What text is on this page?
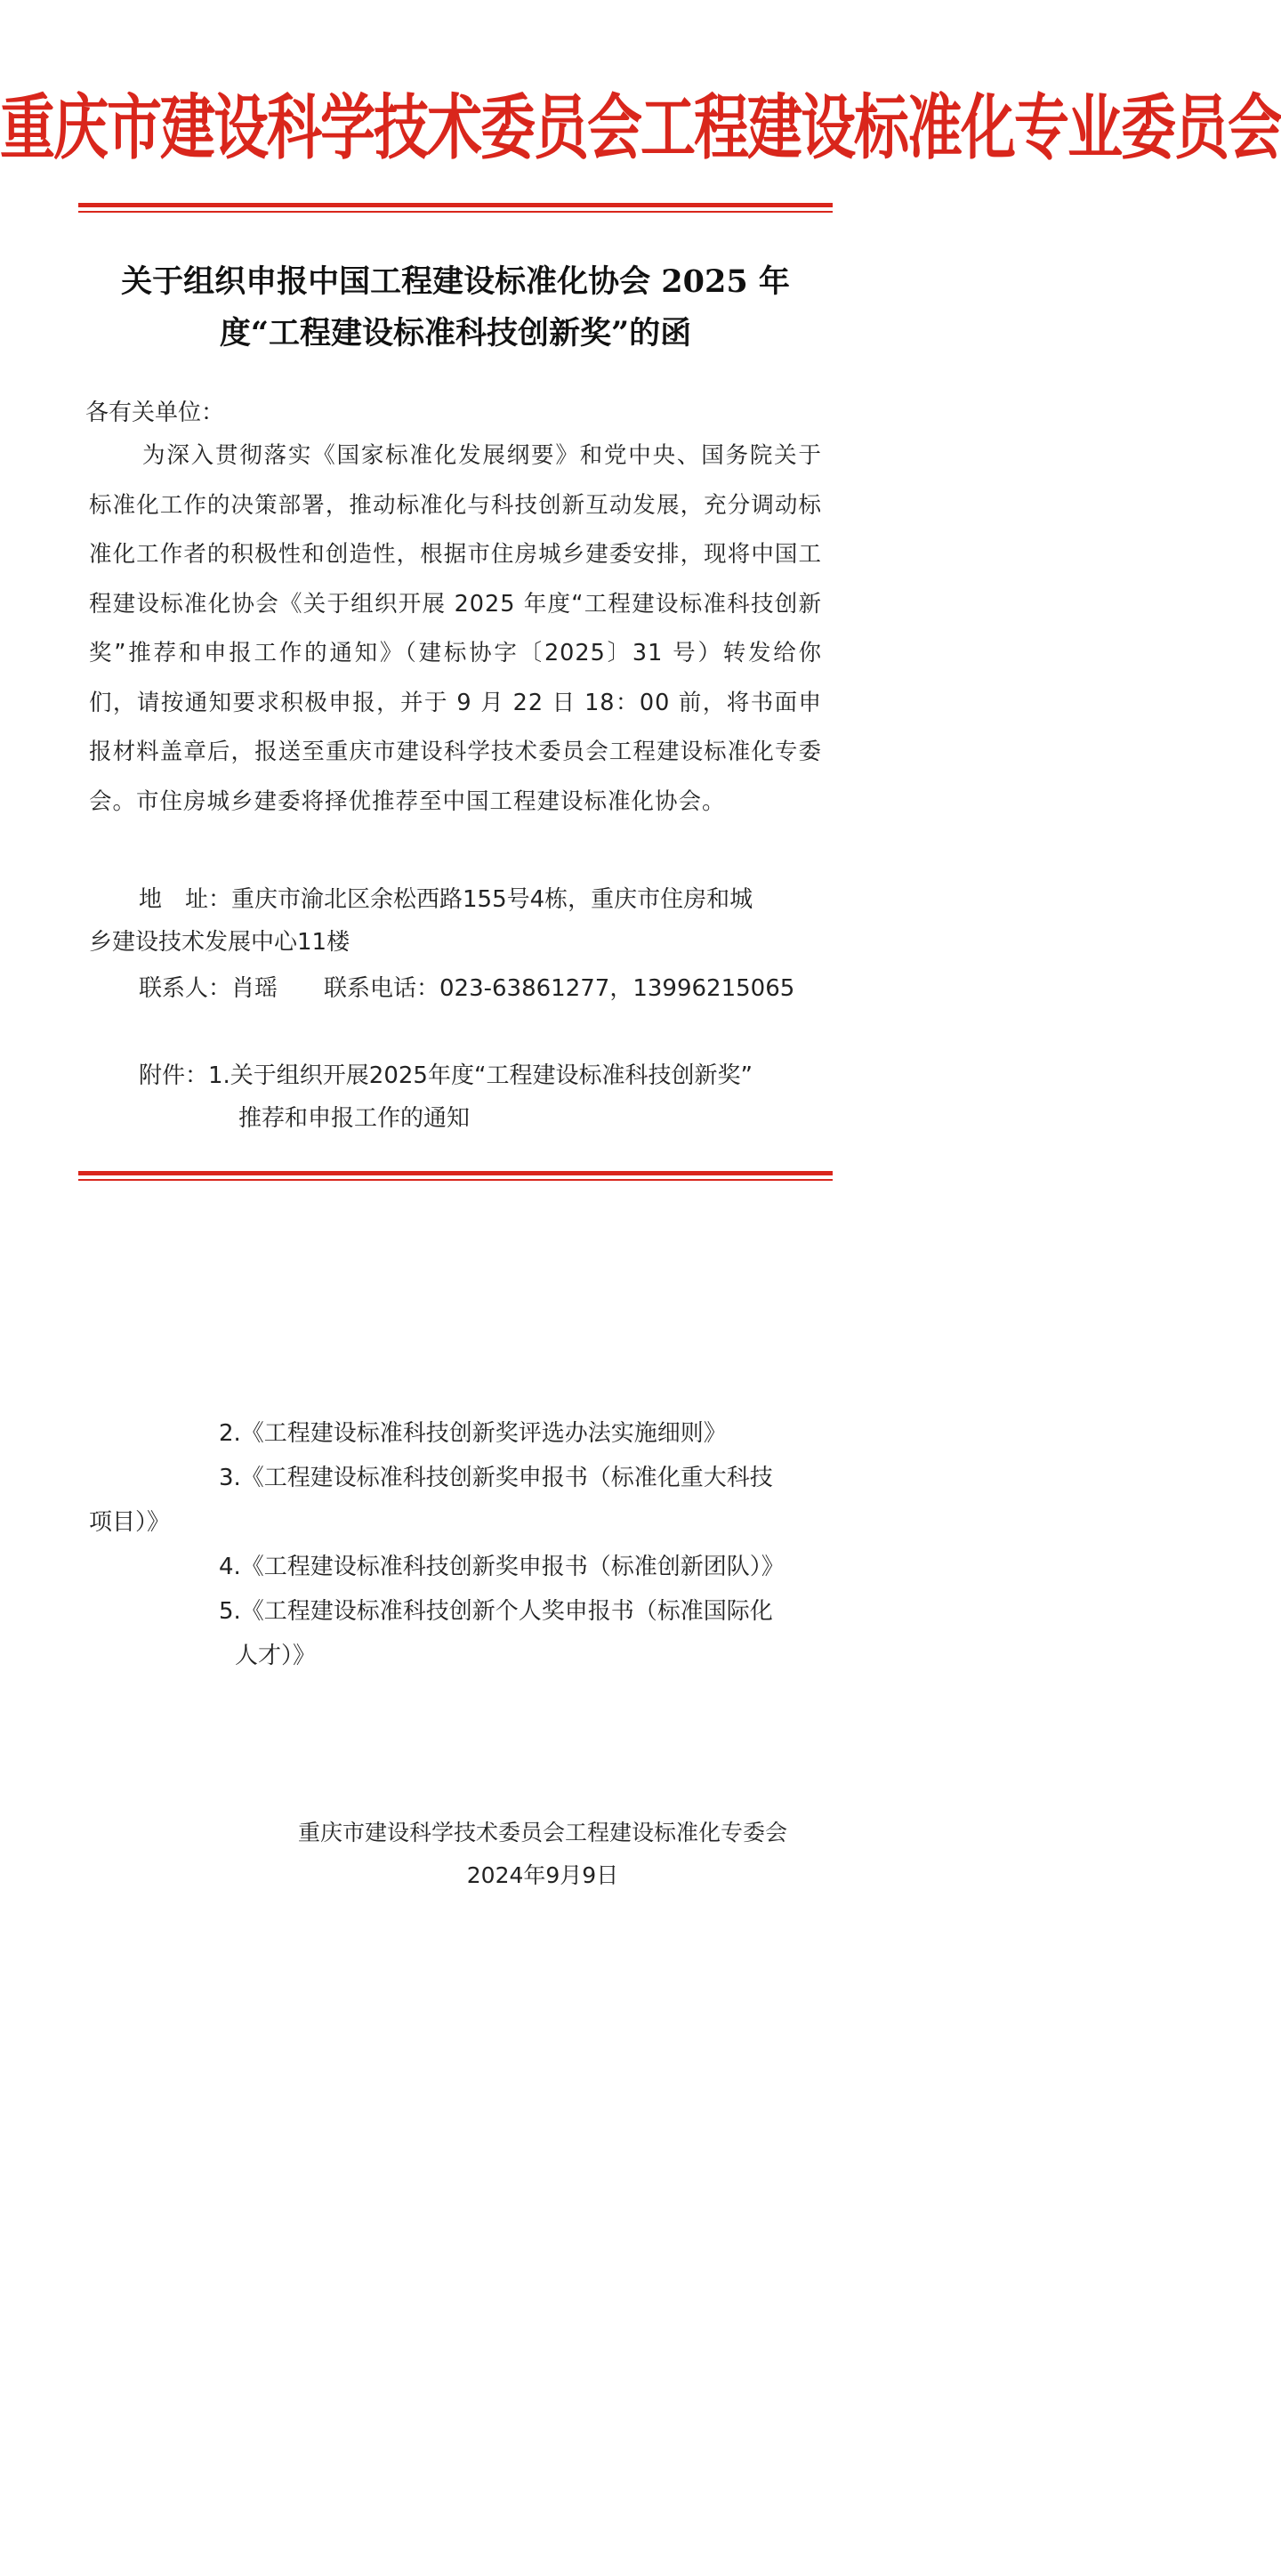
重庆市建设科学技术委员会工程建设标准化专业委员会
关于组织申报中国工程建设标准化协会 2025 年
度“工程建设标准科技创新奖”的函
各有关单位：
为深入贯彻落实《国家标准化发展纲要》和党中央、国务院关于标准化工作的决策部署，推动标准化与科技创新互动发展，充分调动标准化工作者的积极性和创造性，根据市住房城乡建委安排，现将中国工程建设标准化协会《关于组织开展 2025 年度“工程建设标准科技创新奖”推荐和申报工作的通知》（建标协字〔2025〕31 号）转发给你们，请按通知要求积极申报，并于 9 月 22 日 18：00 前，将书面申报材料盖章后，报送至重庆市建设科学技术委员会工程建设标准化专委会。市住房城乡建委将择优推荐至中国工程建设标准化协会。
地　址：重庆市渝北区余松西路155号4栋，重庆市住房和城
乡建设技术发展中心11楼
联系人：肖瑶　　联系电话：023-63861277，13996215065
附件：1.关于组织开展2025年度“工程建设标准科技创新奖”
推荐和申报工作的通知
2.《工程建设标准科技创新奖评选办法实施细则》
3.《工程建设标准科技创新奖申报书（标准化重大科技
项目）》
4.《工程建设标准科技创新奖申报书（标准创新团队）》
5.《工程建设标准科技创新个人奖申报书（标准国际化
人才）》
重庆市建设科学技术委员会工程建设标准化专委会
2024年9月9日
